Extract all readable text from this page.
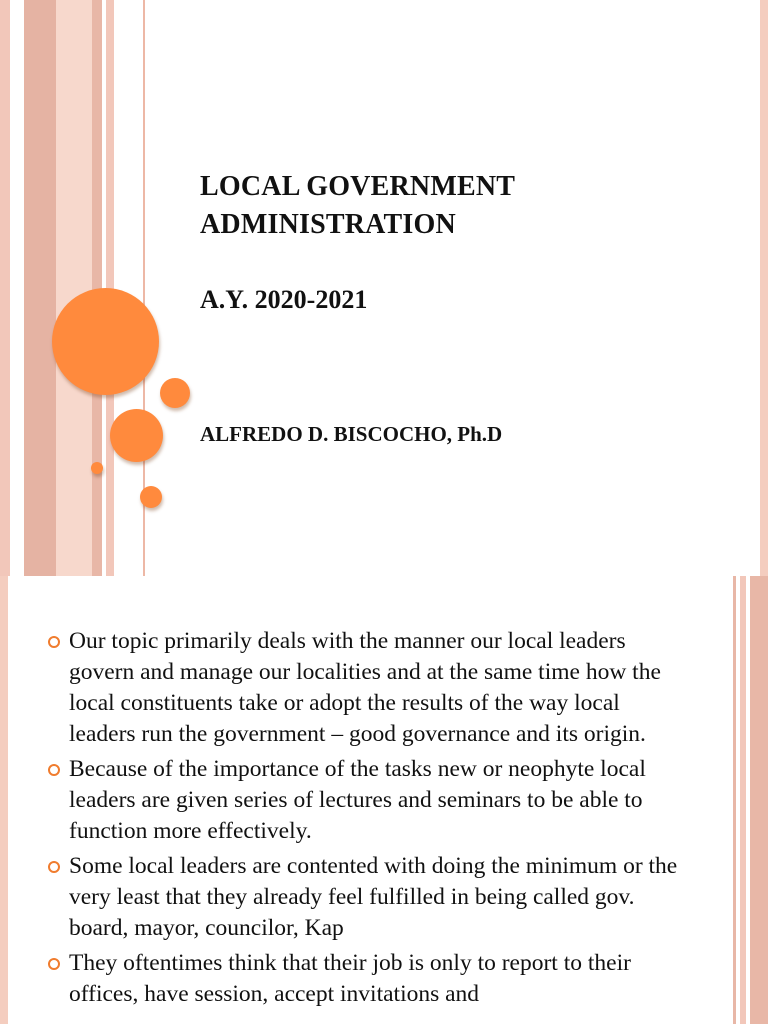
LOCAL GOVERNMENT
ADMINISTRATION
A.Y. 2020-2021
ALFREDO D. BISCOCHO, Ph.D
Our topic primarily deals with the manner our local leaders govern and manage our localities and at the same time how the local constituents take or adopt the results of the way local leaders run the government – good governance and its origin.
Because of the importance of the tasks new or neophyte local leaders are given series of lectures and seminars to be able to function more effectively.
Some local leaders are contented with doing the minimum or the very least that they already feel fulfilled in being called gov. board, mayor, councilor, Kap
They oftentimes think that their job is only to report to their offices, have session, accept invitations and
